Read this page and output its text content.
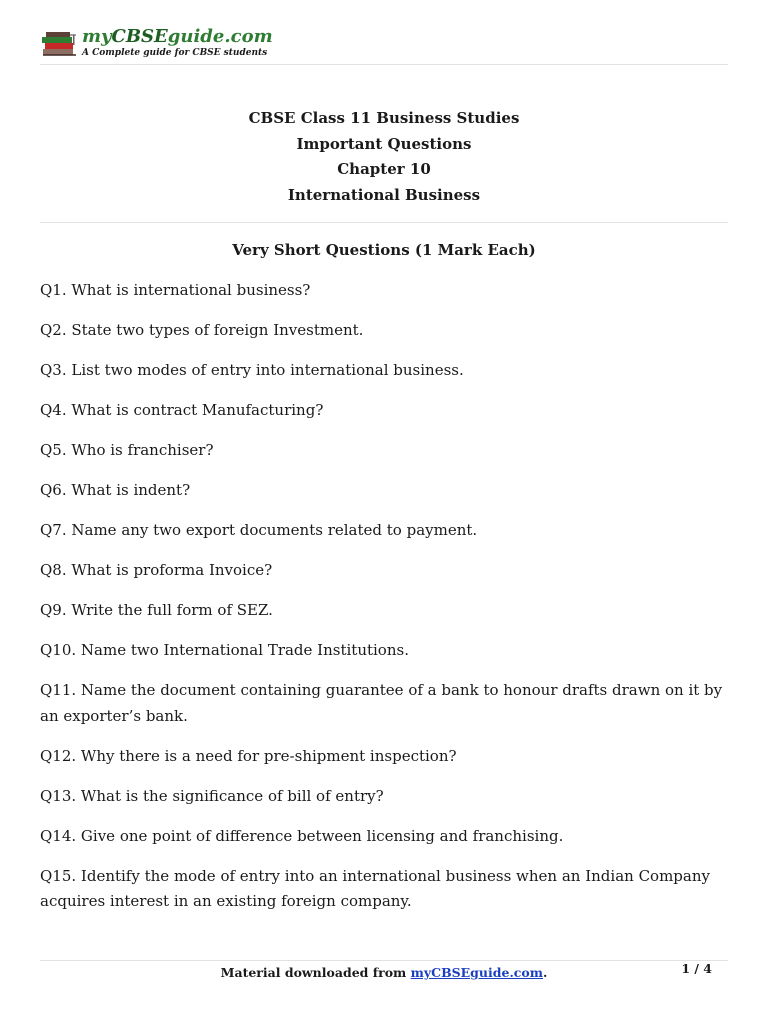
myCBSEguide.com
A Complete guide for CBSE students
CBSE Class 11 Business Studies
Important Questions
Chapter 10
International Business
Very Short Questions (1 Mark Each)

Q1. What is international business?

Q2. State two types of foreign Investment.

Q3. List two modes of entry into international business.

Q4. What is contract Manufacturing?

Q5. Who is franchiser?

Q6. What is indent?

Q7. Name any two export documents related to payment.

Q8. What is proforma Invoice?

Q9. Write the full form of SEZ.

Q10. Name two International Trade Institutions.

Q11. Name the document containing guarantee of a bank to honour drafts drawn on it by an exporter’s bank.

Q12. Why there is a need for pre-shipment inspection?

Q13. What is the significance of bill of entry?

Q14. Give one point of difference between licensing and franchising.

Q15. Identify the mode of entry into an international business when an Indian Company acquires interest in an existing foreign company.

Material downloaded from myCBSEguide.com.	1 / 4
